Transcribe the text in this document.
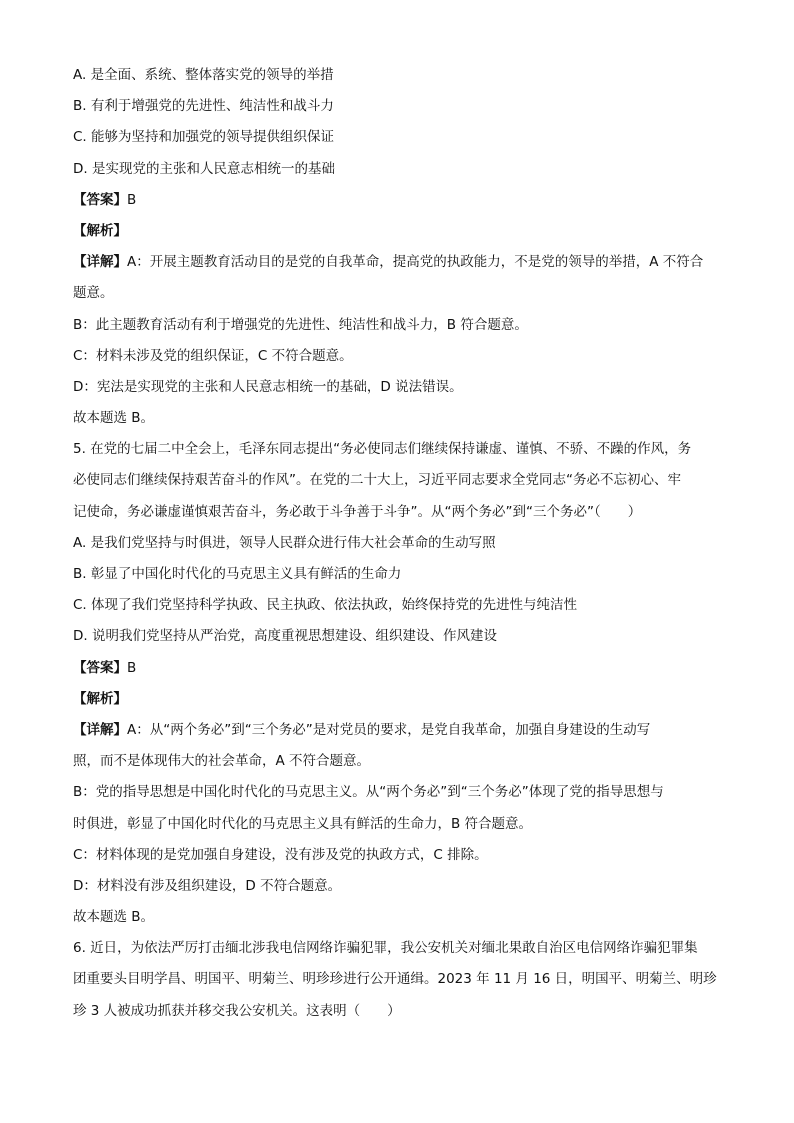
A. 是全面、系统、整体落实党的领导的举措

B. 有利于增强党的先进性、纯洁性和战斗力

C. 能够为坚持和加强党的领导提供组织保证

D. 是实现党的主张和人民意志相统一的基础

【答案】B

【解析】

【详解】A：开展主题教育活动目的是党的自我革命，提高党的执政能力，不是党的领导的举措，A 不符合

题意。

B：此主题教育活动有利于增强党的先进性、纯洁性和战斗力，B 符合题意。

C：材料未涉及党的组织保证，C 不符合题意。

D：宪法是实现党的主张和人民意志相统一的基础，D 说法错误。

故本题选 B。

5. 在党的七届二中全会上，毛泽东同志提出“务必使同志们继续保持谦虚、谨慎、不骄、不躁的作风，务

必使同志们继续保持艰苦奋斗的作风”。在党的二十大上，习近平同志要求全党同志“务必不忘初心、牢

记使命，务必谦虚谨慎艰苦奋斗，务必敢于斗争善于斗争”。从“两个务必”到“三个务必”（　　）

A. 是我们党坚持与时俱进，领导人民群众进行伟大社会革命的生动写照

B. 彰显了中国化时代化的马克思主义具有鲜活的生命力

C. 体现了我们党坚持科学执政、民主执政、依法执政，始终保持党的先进性与纯洁性

D. 说明我们党坚持从严治党，高度重视思想建设、组织建设、作风建设

【答案】B

【解析】

【详解】A：从“两个务必”到“三个务必”是对党员的要求，是党自我革命，加强自身建设的生动写

照，而不是体现伟大的社会革命，A 不符合题意。

B：党的指导思想是中国化时代化的马克思主义。从“两个务必”到“三个务必”体现了党的指导思想与

时俱进，彰显了中国化时代化的马克思主义具有鲜活的生命力，B 符合题意。

C：材料体现的是党加强自身建设，没有涉及党的执政方式，C 排除。

D：材料没有涉及组织建设，D 不符合题意。

故本题选 B。

6. 近日，为依法严厉打击缅北涉我电信网络诈骗犯罪，我公安机关对缅北果敢自治区电信网络诈骗犯罪集

团重要头目明学昌、明国平、明菊兰、明珍珍进行公开通缉。2023 年 11 月 16 日，明国平、明菊兰、明珍

珍 3 人被成功抓获并移交我公安机关。这表明（　　）
